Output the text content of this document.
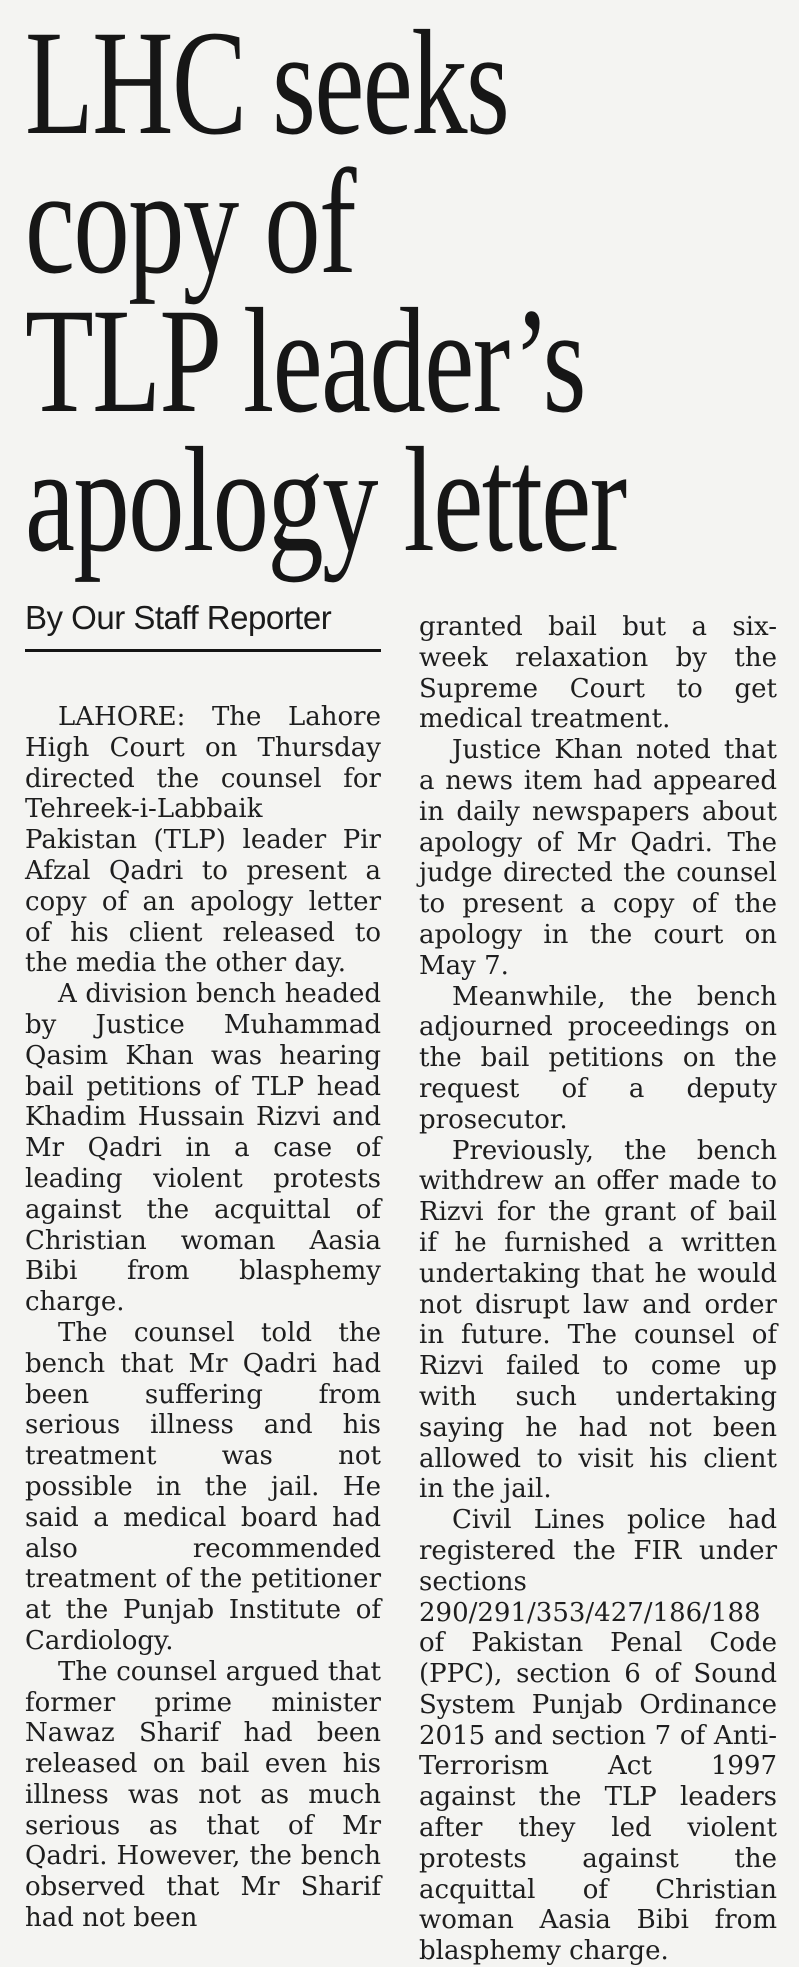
LHC seeks
copy of
TLP leader’s
apology letter
By Our Staff Reporter

LAHORE: The Lahore High Court on Thursday directed the counsel for Tehreek-i-Labbaik Pakistan (TLP) leader Pir Afzal Qadri to present a copy of an apology letter of his client released to the media the other day.

A division bench headed by Justice Muhammad Qasim Khan was hearing bail petitions of TLP head Khadim Hussain Rizvi and Mr Qadri in a case of leading violent protests against the acquittal of Christian woman Aasia Bibi from blasphemy charge.

The counsel told the bench that Mr Qadri had been suffering from serious illness and his treatment was not possible in the jail. He said a medical board had also recommended treatment of the petitioner at the Punjab Institute of Cardiology.

The counsel argued that former prime minister Nawaz Sharif had been released on bail even his illness was not as much serious as that of Mr Qadri. However, the bench observed that Mr Sharif had not been

granted bail but a six-week relaxation by the Supreme Court to get medical treatment.

Justice Khan noted that a news item had appeared in daily newspapers about apology of Mr Qadri. The judge directed the counsel to present a copy of the apology in the court on May 7.

Meanwhile, the bench adjourned proceedings on the bail petitions on the request of a deputy prosecutor.

Previously, the bench withdrew an offer made to Rizvi for the grant of bail if he furnished a written undertaking that he would not disrupt law and order in future. The counsel of Rizvi failed to come up with such undertaking saying he had not been allowed to visit his client in the jail.

Civil Lines police had registered the FIR under sections 290/291/353/427/186/188 of Pakistan Penal Code (PPC), section 6 of Sound System Punjab Ordinance 2015 and section 7 of Anti-Terrorism Act 1997 against the TLP leaders after they led violent protests against the acquittal of Christian woman Aasia Bibi from blasphemy charge.
